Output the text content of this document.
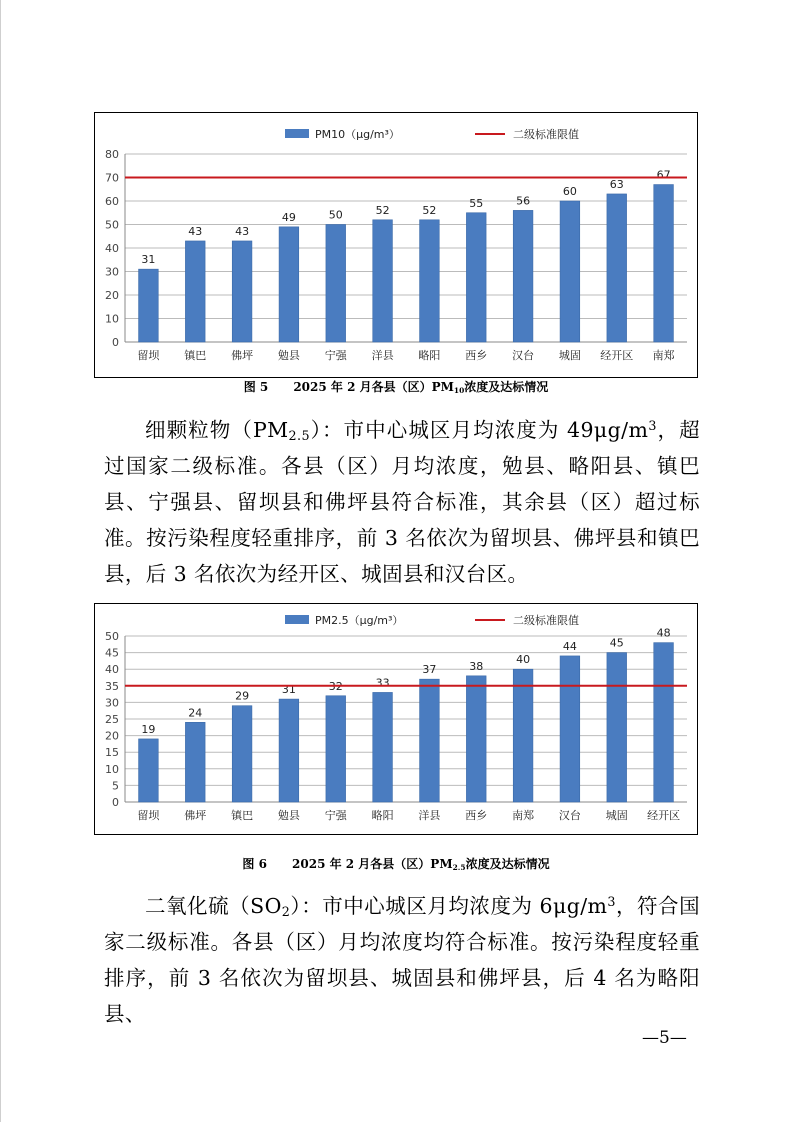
PM10（μg/m³）	二级标准限值
0
10
20
30
40
50
60
70
80
31
留坝
43
镇巴
43
佛坪
49
勉县
50
宁强
52
洋县
52
略阳
55
西乡
56
汉台
60
城固
63
经开区
67
南郑
图 5 2025 年 2 月各县（区）$PM_{10}$浓度及达标情况

细颗粒物$(PM_{2.5})$：市中心城区月均浓度为 $49\mu g/m^3$，超过国家二级标准。各县（区）月均浓度，勉县、略阳县、镇巴县、宁强县、留坝县和佛坪县符合标准，其余县（区）超过标准。按污染程度轻重排序，前 3 名依次为留坝县、佛坪县和镇巴县，后 3 名依次为经开区、城固县和汉台区。

PM2.5（μg/m³）	二级标准限值
0
5
10
15
20
25
30
35
40
45
50
19
留坝
24
佛坪
29
镇巴
31
勉县
32
宁强
33
略阳
37
洋县
38
西乡
40
南郑
44
汉台
45
城固
48
经开区
图 6 2025 年 2 月各县（区）$PM_{2.5}$浓度及达标情况

二氧化硫$(SO_2)$：市中心城区月均浓度为 $6\mu g/m^3$，符合国家二级标准。各县（区）月均浓度均符合标准。按污染程度轻重排序，前 3 名依次为留坝县、城固县和佛坪县，后 4 名为略阳县、

—5—
